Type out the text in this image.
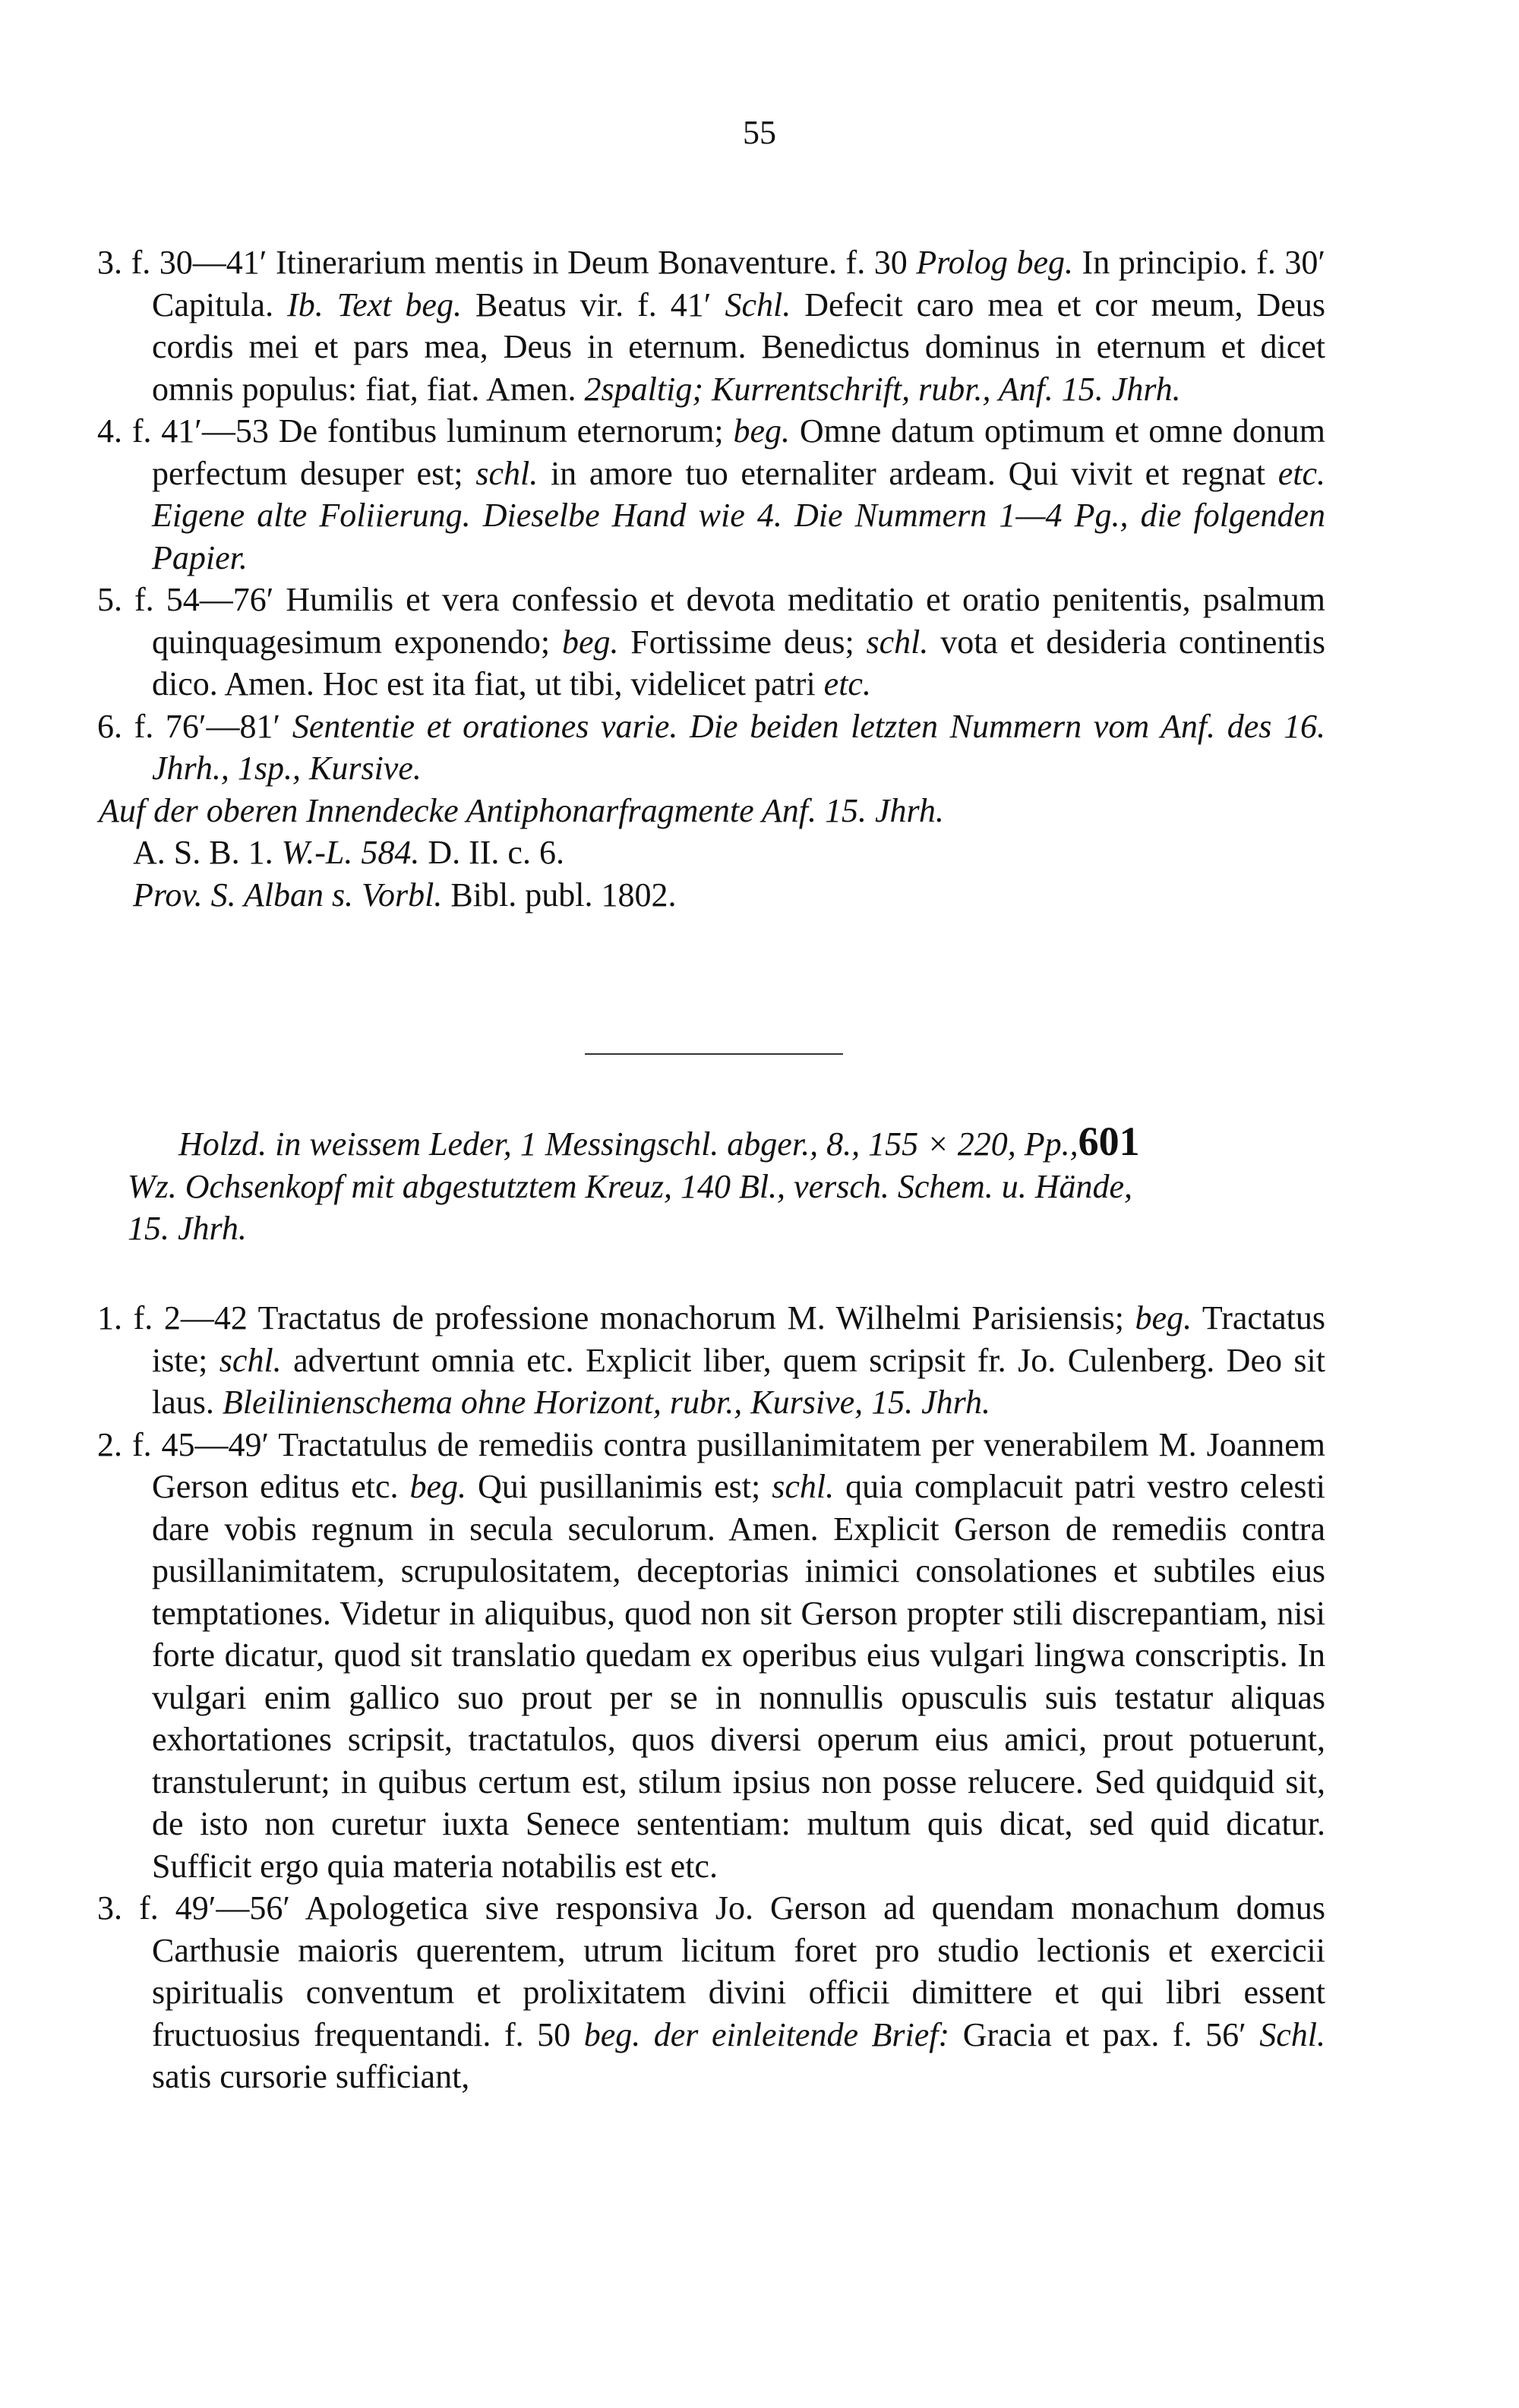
55
3. f. 30—41′ Itinerarium mentis in Deum Bonaventure. f. 30 Prolog beg. In principio. f. 30′ Capitula. Ib. Text beg. Beatus vir. f. 41′ Schl. Defecit caro mea et cor meum, Deus cordis mei et pars mea, Deus in eternum. Benedictus dominus in eternum et dicet omnis populus: fiat, fiat. Amen. 2spaltig; Kurrentschrift, rubr., Anf. 15. Jhrh.
4. f. 41′—53 De fontibus luminum eternorum; beg. Omne datum optimum et omne donum perfectum desuper est; schl. in amore tuo eternaliter ardeam. Qui vivit et regnat etc. Eigene alte Foliierung. Dieselbe Hand wie 4. Die Nummern 1—4 Pg., die folgenden Papier.
5. f. 54—76′ Humilis et vera confessio et devota meditatio et oratio penitentis, psalmum quinquagesimum exponendo; beg. Fortissime deus; schl. vota et desideria continentis dico. Amen. Hoc est ita fiat, ut tibi, videlicet patri etc.
6. f. 76′—81′ Sententie et orationes varie. Die beiden letzten Nummern vom Anf. des 16. Jhrh., 1sp., Kursive.
Auf der oberen Innendecke Antiphonarfragmente Anf. 15. Jhrh.
A. S. B. 1. W.-L. 584. D. II. c. 6.
Prov. S. Alban s. Vorbl. Bibl. publ. 1802.
Holzd. in weissem Leder, 1 Messingschl. abger., 8., 155 × 220, Pp.,601
Wz. Ochsenkopf mit abgestutztem Kreuz, 140 Bl., versch. Schem. u. Hände,
15. Jhrh.
1. f. 2—42 Tractatus de professione monachorum M. Wilhelmi Parisiensis; beg. Tractatus iste; schl. advertunt omnia etc. Explicit liber, quem scripsit fr. Jo. Culenberg. Deo sit laus. Bleilinienschema ohne Horizont, rubr., Kursive, 15. Jhrh.
2. f. 45—49′ Tractatulus de remediis contra pusillanimitatem per venerabilem M. Joannem Gerson editus etc. beg. Qui pusillanimis est; schl. quia complacuit patri vestro celesti dare vobis regnum in secula seculorum. Amen. Explicit Gerson de remediis contra pusillanimitatem, scrupulositatem, deceptorias inimici consolationes et subtiles eius temptationes. Videtur in aliquibus, quod non sit Gerson propter stili discrepantiam, nisi forte dicatur, quod sit translatio quedam ex operibus eius vulgari lingwa conscriptis. In vulgari enim gallico suo prout per se in nonnullis opusculis suis testatur aliquas exhortationes scripsit, tractatulos, quos diversi operum eius amici, prout potuerunt, transtulerunt; in quibus certum est, stilum ipsius non posse relucere. Sed quidquid sit, de isto non curetur iuxta Senece sententiam: multum quis dicat, sed quid dicatur. Sufficit ergo quia materia notabilis est etc.
3. f. 49′—56′ Apologetica sive responsiva Jo. Gerson ad quendam monachum domus Carthusie maioris querentem, utrum licitum foret pro studio lectionis et exercicii spiritualis conventum et prolixitatem divini officii dimittere et qui libri essent fructuosius frequentandi. f. 50 beg. der einleitende Brief: Gracia et pax. f. 56′ Schl. satis cursorie sufficiant,
